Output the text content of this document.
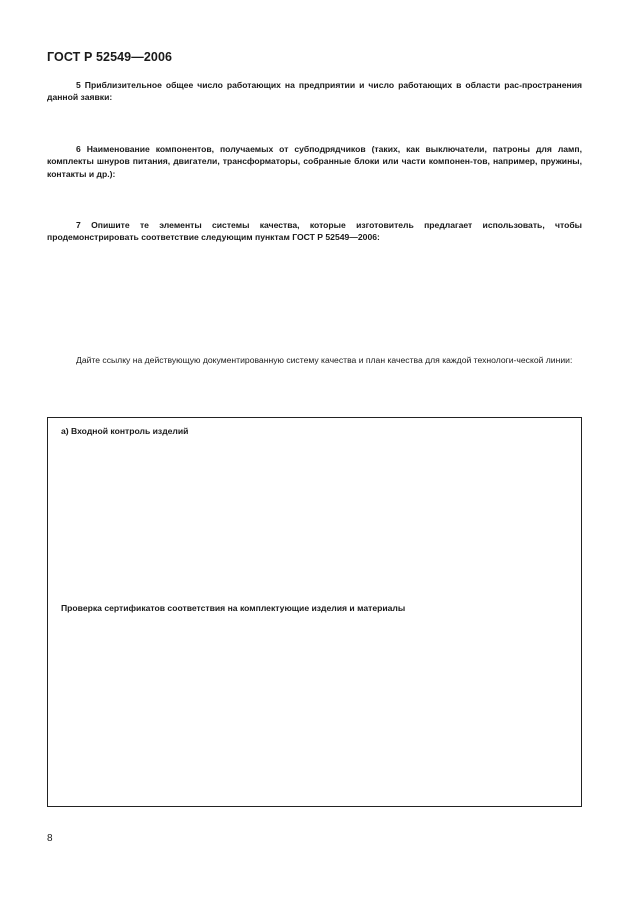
ГОСТ Р 52549—2006

5 Приблизительное общее число работающих на предприятии и число работающих в области рас-пространения данной заявки:

6 Наименование компонентов, получаемых от субподрядчиков (таких, как выключатели, патроны для ламп, комплекты шнуров питания, двигатели, трансформаторы, собранные блоки или части компонен-тов, например, пружины, контакты и др.):

7 Опишите те элементы системы качества, которые изготовитель предлагает использовать, чтобы продемонстрировать соответствие следующим пунктам ГОСТ Р 52549—2006:

Дайте ссылку на действующую документированную систему качества и план качества для каждой технологи-ческой линии:

а) Входной контроль изделий

Проверка сертификатов соответствия на комплектующие изделия и материалы

8
